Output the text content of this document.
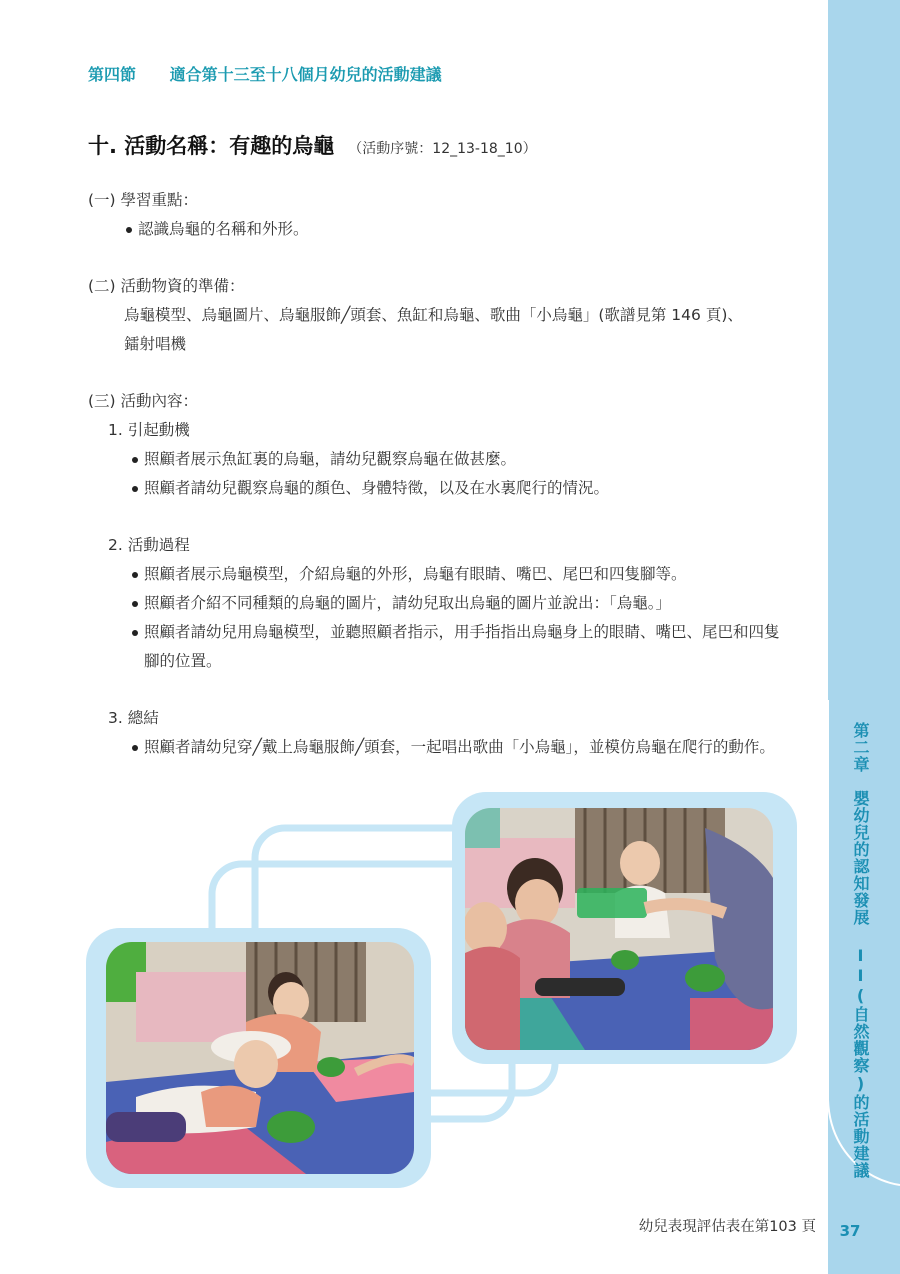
第二章　嬰幼兒的認知發展 II(自然觀察)的活動建議
37
第四節 適合第十三至十八個月幼兒的活動建議
十. 活動名稱：有趣的烏龜 （活動序號：12_13-18_10）
(一) 學習重點：
認識烏龜的名稱和外形。
(二) 活動物資的準備：
烏龜模型、烏龜圖片、烏龜服飾╱頭套、魚缸和烏龜、歌曲「小烏龜」(歌譜見第 146 頁)、
鐳射唱機
(三) 活動內容：
1. 引起動機
照顧者展示魚缸裏的烏龜，請幼兒觀察烏龜在做甚麼。
照顧者請幼兒觀察烏龜的顏色、身體特徵，以及在水裏爬行的情況。
2. 活動過程
照顧者展示烏龜模型，介紹烏龜的外形，烏龜有眼睛、嘴巴、尾巴和四隻腳等。
照顧者介紹不同種類的烏龜的圖片，請幼兒取出烏龜的圖片並說出：「烏龜。」
照顧者請幼兒用烏龜模型，並聽照顧者指示，用手指指出烏龜身上的眼睛、嘴巴、尾巴和四隻
腳的位置。
3. 總結
照顧者請幼兒穿╱戴上烏龜服飾╱頭套，一起唱出歌曲「小烏龜」，並模仿烏龜在爬行的動作。
幼兒表現評估表在第103 頁
